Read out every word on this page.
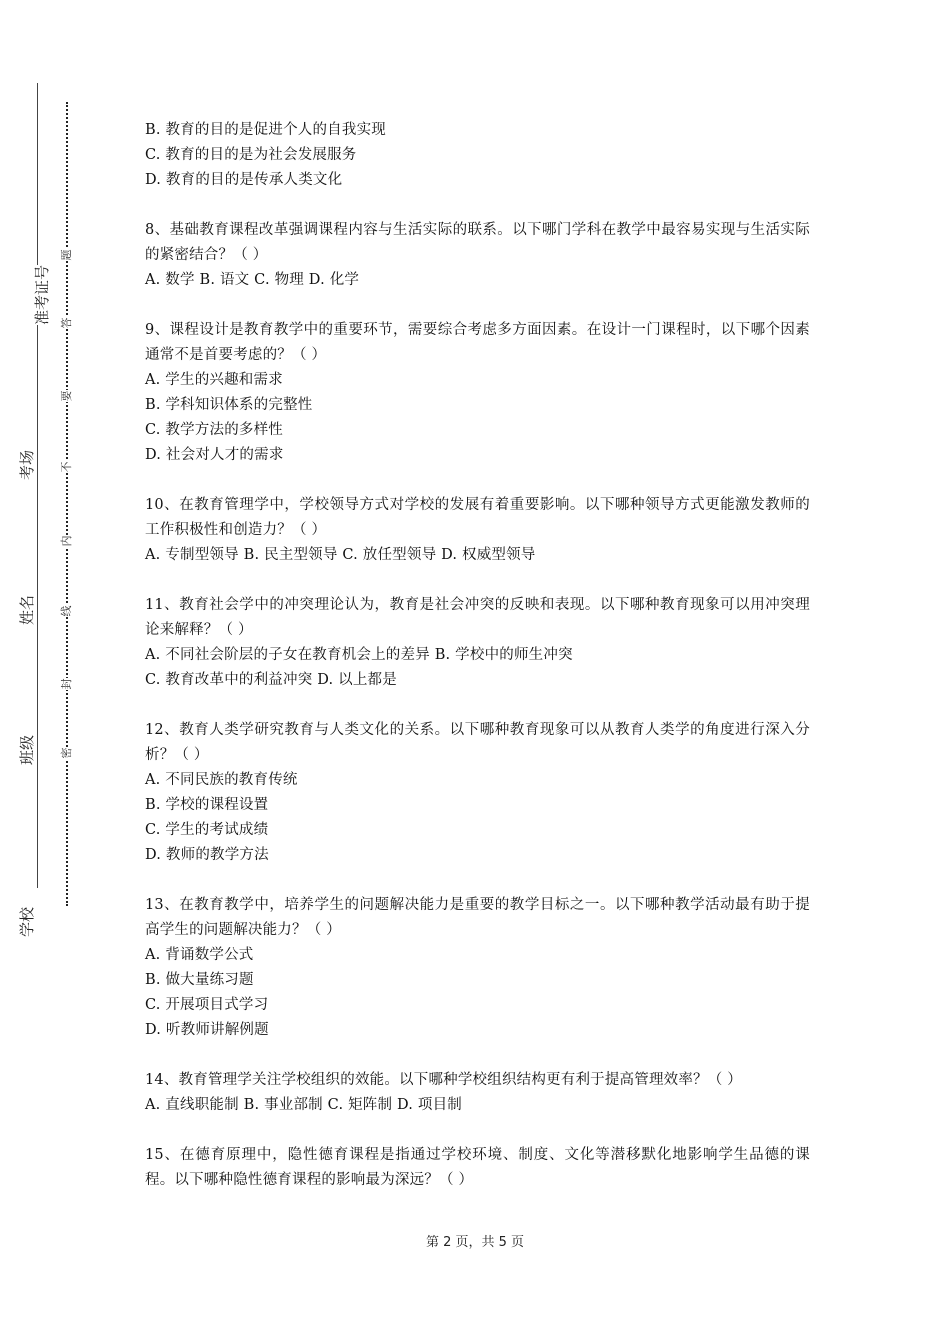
准考证号
考场
姓名
班级
学校
题
答
要
不
内
线
封
密
B. 教育的目的是促进个人的自我实现
C. 教育的目的是为社会发展服务
D. 教育的目的是传承人类文化
8、基础教育课程改革强调课程内容与生活实际的联系。以下哪门学科在教学中最容易实现与生活实际的紧密结合？（ ）
A. 数学 B. 语文 C. 物理 D. 化学
9、课程设计是教育教学中的重要环节，需要综合考虑多方面因素。在设计一门课程时，以下哪个因素通常不是首要考虑的？（ ）
A. 学生的兴趣和需求
B. 学科知识体系的完整性
C. 教学方法的多样性
D. 社会对人才的需求
10、在教育管理学中，学校领导方式对学校的发展有着重要影响。以下哪种领导方式更能激发教师的工作积极性和创造力？（ ）
A. 专制型领导 B. 民主型领导 C. 放任型领导 D. 权威型领导
11、教育社会学中的冲突理论认为，教育是社会冲突的反映和表现。以下哪种教育现象可以用冲突理论来解释？（ ）
A. 不同社会阶层的子女在教育机会上的差异 B. 学校中的师生冲突
C. 教育改革中的利益冲突 D. 以上都是
12、教育人类学研究教育与人类文化的关系。以下哪种教育现象可以从教育人类学的角度进行深入分析？（ ）
A. 不同民族的教育传统
B. 学校的课程设置
C. 学生的考试成绩
D. 教师的教学方法
13、在教育教学中，培养学生的问题解决能力是重要的教学目标之一。以下哪种教学活动最有助于提高学生的问题解决能力？（ ）
A. 背诵数学公式
B. 做大量练习题
C. 开展项目式学习
D. 听教师讲解例题
14、教育管理学关注学校组织的效能。以下哪种学校组织结构更有利于提高管理效率？（ ）
A. 直线职能制 B. 事业部制 C. 矩阵制 D. 项目制
15、在德育原理中，隐性德育课程是指通过学校环境、制度、文化等潜移默化地影响学生品德的课程。以下哪种隐性德育课程的影响最为深远？（ ）
第 2 页，共 5 页
